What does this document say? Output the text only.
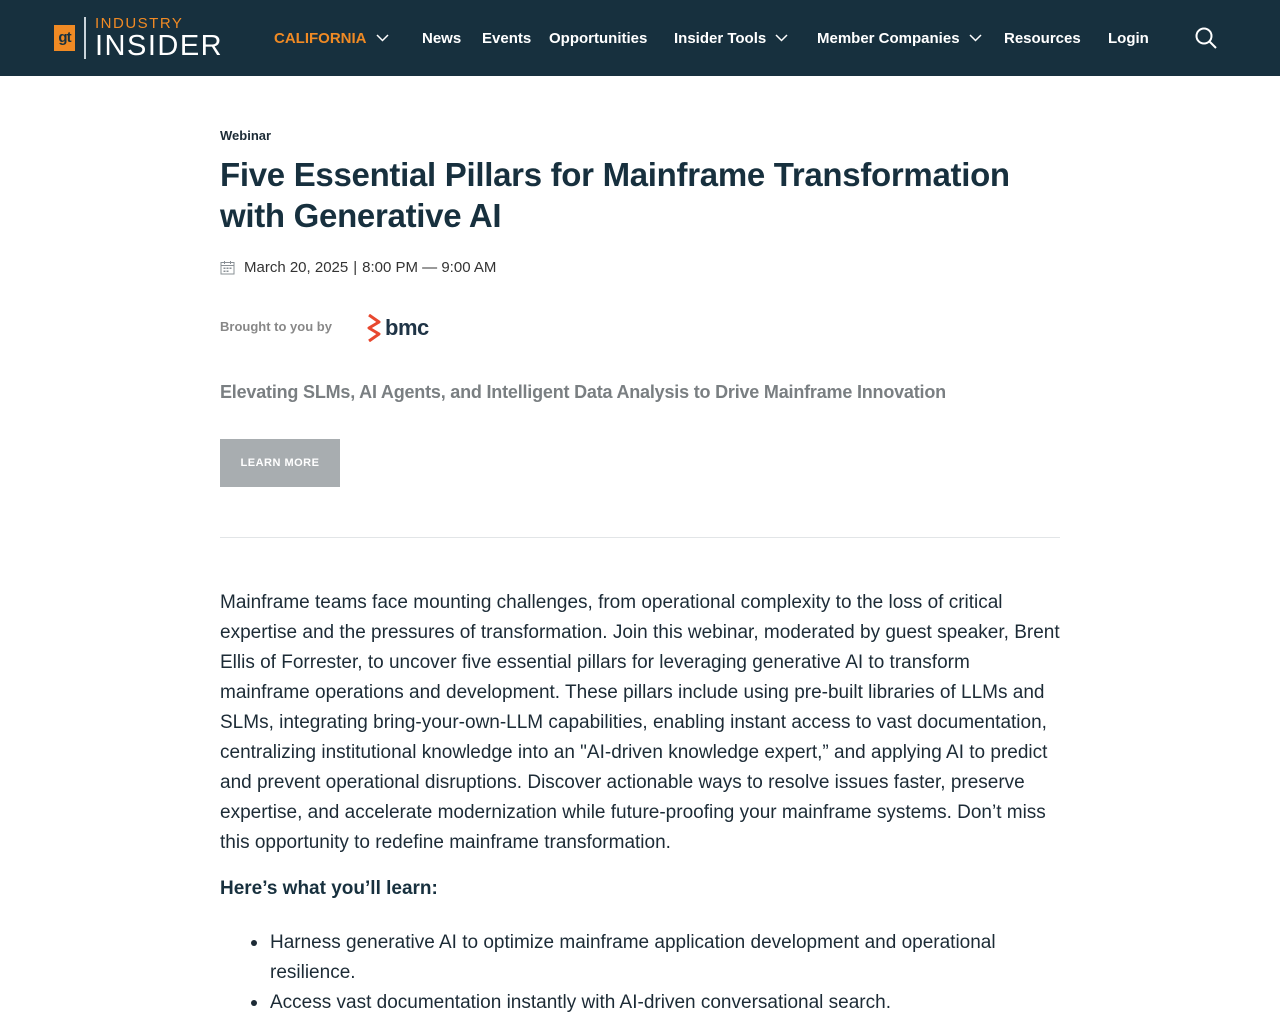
gt
INDUSTRY
INSIDER	CALIFORNIA	News Events Opportunities Insider Tools	Member Companies	Resources Login
Webinar
Five Essential Pillars for Mainframe Transformation with Generative AI
March 20, 2025 | 8:00 PM — 9:00 AM
Brought to you by bmc
Elevating SLMs, AI Agents, and Intelligent Data Analysis to Drive Mainframe Innovation
LEARN MORE

Mainframe teams face mounting challenges, from operational complexity to the loss of critical expertise and the pressures of transformation. Join this webinar, moderated by guest speaker, Brent Ellis of Forrester, to uncover five essential pillars for leveraging generative AI to transform mainframe operations and development. These pillars include using pre-built libraries of LLMs and SLMs, integrating bring-your-own-LLM capabilities, enabling instant access to vast documentation, centralizing institutional knowledge into an "AI-driven knowledge expert,” and applying AI to predict and prevent operational disruptions. Discover actionable ways to resolve issues faster, preserve expertise, and accelerate modernization while future-proofing your mainframe systems. Don’t miss this opportunity to redefine mainframe transformation.

Here’s what you’ll learn:
Harness generative AI to optimize mainframe application development and operational resilience.
Access vast documentation instantly with AI-driven conversational search.
